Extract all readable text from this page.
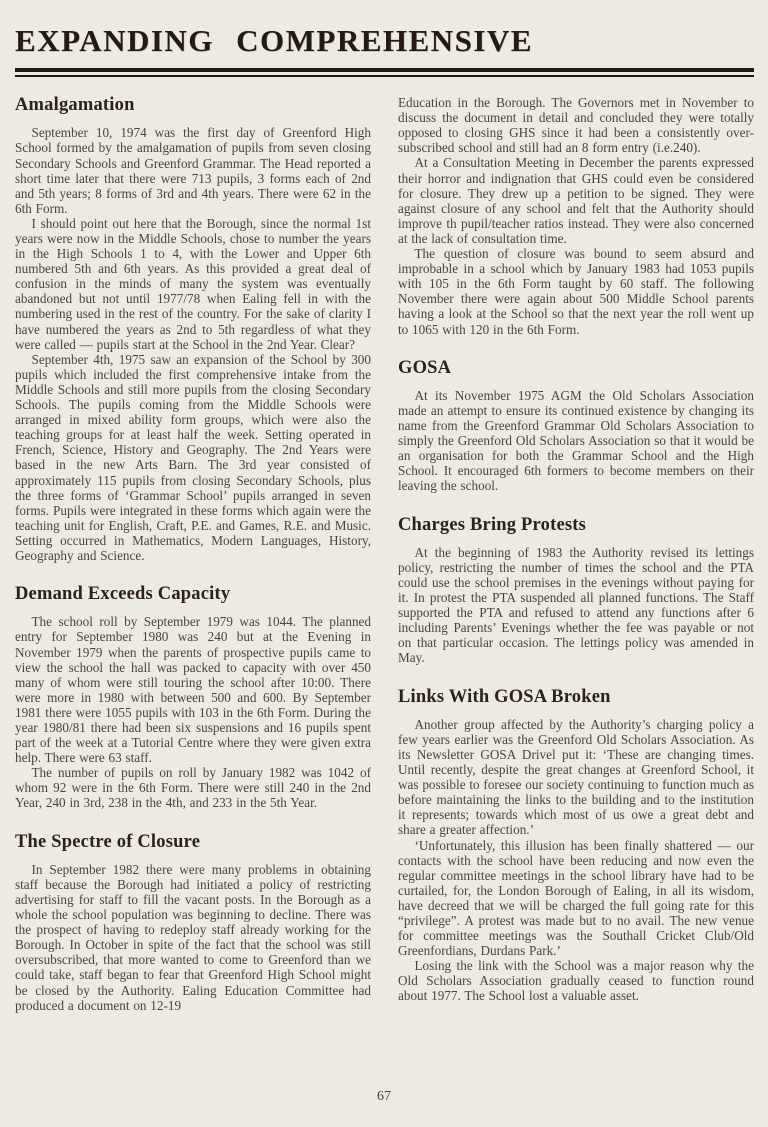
EXPANDING COMPREHENSIVE
Amalgamation

September 10, 1974 was the first day of Greenford High School formed by the amalgamation of pupils from seven closing Secondary Schools and Greenford Grammar. The Head reported a short time later that there were 713 pupils, 3 forms each of 2nd and 5th years; 8 forms of 3rd and 4th years. There were 62 in the 6th Form.

I should point out here that the Borough, since the normal 1st years were now in the Middle Schools, chose to number the years in the High Schools 1 to 4, with the Lower and Upper 6th numbered 5th and 6th years. As this provided a great deal of confusion in the minds of many the system was eventually abandoned but not until 1977/78 when Ealing fell in with the numbering used in the rest of the country. For the sake of clarity I have numbered the years as 2nd to 5th regardless of what they were called — pupils start at the School in the 2nd Year. Clear?

September 4th, 1975 saw an expansion of the School by 300 pupils which included the first comprehensive intake from the Middle Schools and still more pupils from the closing Secondary Schools. The pupils coming from the Middle Schools were arranged in mixed ability form groups, which were also the teaching groups for at least half the week. Setting operated in French, Science, History and Geography. The 2nd Years were based in the new Arts Barn. The 3rd year consisted of approximately 115 pupils from closing Secondary Schools, plus the three forms of ‘Grammar School’ pupils arranged in seven forms. Pupils were integrated in these forms which again were the teaching unit for English, Craft, P.E. and Games, R.E. and Music. Setting occurred in Mathematics, Modern Languages, History, Geography and Science.

Demand Exceeds Capacity

The school roll by September 1979 was 1044. The planned entry for September 1980 was 240 but at the Evening in November 1979 when the parents of prospective pupils came to view the school the hall was packed to capacity with over 450 many of whom were still touring the school after 10:00. There were more in 1980 with between 500 and 600. By September 1981 there were 1055 pupils with 103 in the 6th Form. During the year 1980/81 there had been six suspensions and 16 pupils spent part of the week at a Tutorial Centre where they were given extra help. There were 63 staff.

The number of pupils on roll by January 1982 was 1042 of whom 92 were in the 6th Form. There were still 240 in the 2nd Year, 240 in 3rd, 238 in the 4th, and 233 in the 5th Year.

The Spectre of Closure

In September 1982 there were many problems in obtaining staff because the Borough had initiated a policy of restricting advertising for staff to fill the vacant posts. In the Borough as a whole the school population was beginning to decline. There was the prospect of having to redeploy staff already working for the Borough. In October in spite of the fact that the school was still oversubscribed, that more wanted to come to Greenford than we could take, staff began to fear that Greenford High School might be closed by the Authority. Ealing Education Committee had produced a document on 12-19

Education in the Borough. The Governors met in November to discuss the document in detail and concluded they were totally opposed to closing GHS since it had been a consistently over-subscribed school and still had an 8 form entry (i.e.240).

At a Consultation Meeting in December the parents expressed their horror and indignation that GHS could even be considered for closure. They drew up a petition to be signed. They were against closure of any school and felt that the Authority should improve th pupil/teacher ratios instead. They were also concerned at the lack of consultation time.

The question of closure was bound to seem absurd and improbable in a school which by January 1983 had 1053 pupils with 105 in the 6th Form taught by 60 staff. The following November there were again about 500 Middle School parents having a look at the School so that the next year the roll went up to 1065 with 120 in the 6th Form.

GOSA

At its November 1975 AGM the Old Scholars Association made an attempt to ensure its continued existence by changing its name from the Greenford Grammar Old Scholars Association to simply the Greenford Old Scholars Association so that it would be an organisation for both the Grammar School and the High School. It encouraged 6th formers to become members on their leaving the school.

Charges Bring Protests

At the beginning of 1983 the Authority revised its lettings policy, restricting the number of times the school and the PTA could use the school premises in the evenings without paying for it. In protest the PTA suspended all planned functions. The Staff supported the PTA and refused to attend any functions after 6 including Parents’ Evenings whether the fee was payable or not on that particular occasion. The lettings policy was amended in May.

Links With GOSA Broken

Another group affected by the Authority’s charging policy a few years earlier was the Greenford Old Scholars Association. As its Newsletter GOSA Drivel put it: ‘These are changing times. Until recently, despite the great changes at Greenford School, it was possible to foresee our society continuing to function much as before maintaining the links to the building and to the institution it represents; towards which most of us owe a great debt and share a greater affection.’

‘Unfortunately, this illusion has been finally shattered — our contacts with the school have been reducing and now even the regular committee meetings in the school library have had to be curtailed, for, the London Borough of Ealing, in all its wisdom, have decreed that we will be charged the full going rate for this “privilege”. A protest was made but to no avail. The new venue for committee meetings was the Southall Cricket Club/Old Greenfordians, Durdans Park.’

Losing the link with the School was a major reason why the Old Scholars Association gradually ceased to function round about 1977. The School lost a valuable asset.

67
